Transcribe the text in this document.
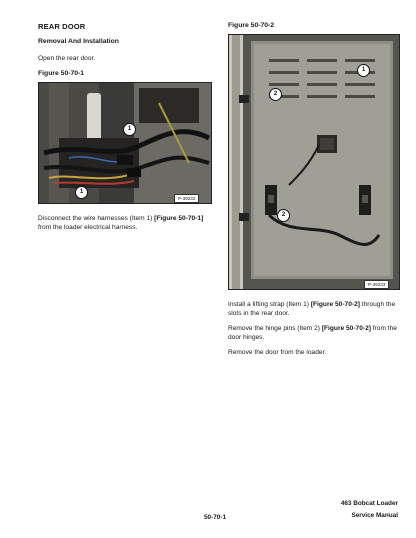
REAR DOOR
Removal And Installation
Open the rear door.
Figure 50-70-1
1
1
P-39232
Disconnect the wire harnesses (Item 1) [Figure 50-70-1] from the loader electrical harness.
Figure 50-70-2
1
2
2
P-39233
Install a lifting strap (Item 1) [Figure 50-70-2] through the slots in the rear door.
Remove the hinge pins (Item 2) [Figure 50-70-2] from the door hinges.
Remove the door from the loader.
50-70-1
463 Bobcat Loader
Service Manual
